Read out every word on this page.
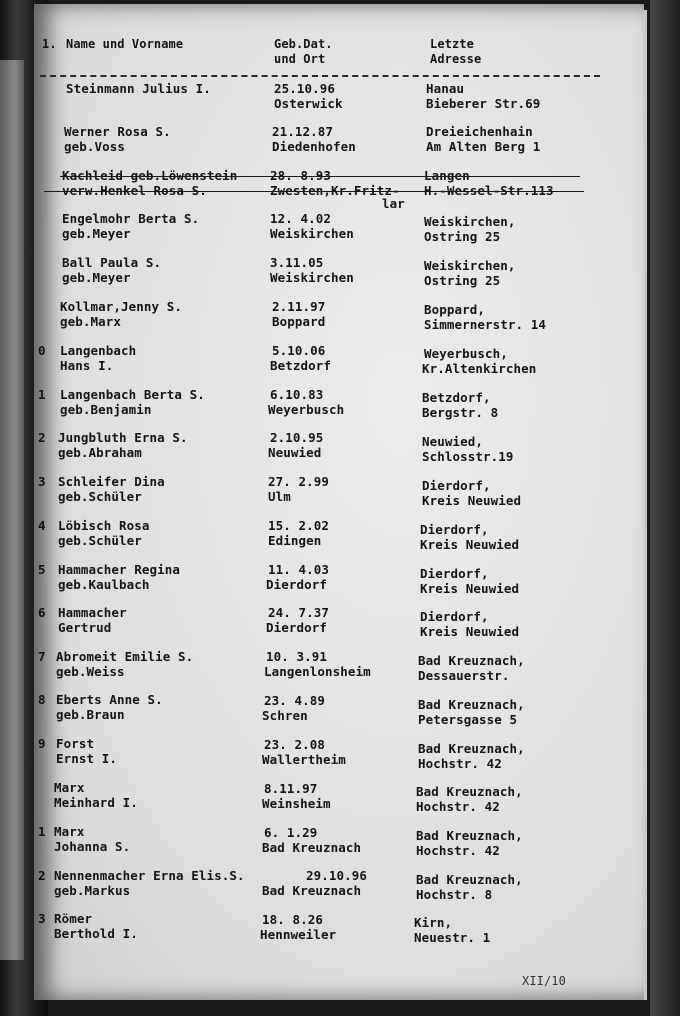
1. Name und Vorname	Geb.Dat.
und Ort
Letzte
Adresse
Steinmann Julius I.	25.10.96
Osterwick
Hanau
Bieberer Str.69
Werner Rosa S.
geb.Voss
21.12.87
Diedenhofen
Dreieichenhain
Am Alten Berg 1
Kachleid geb.Löwenstein
verw.Henkel Rosa S.
28. 8.93
Zwesten,Kr.Fritz-
lar
Langen
H.-Wessel-Str.113
Engelmohr Berta S.
geb.Meyer
12. 4.02
Weiskirchen
Weiskirchen,
Ostring 25
Ball Paula S.
geb.Meyer
3.11.05
Weiskirchen
Weiskirchen,
Ostring 25
Kollmar,Jenny S.
geb.Marx
2.11.97
Boppard
Boppard,
Simmernerstr. 14
0 Langenbach
Hans I.
5.10.06
Betzdorf
Weyerbusch,
Kr.Altenkirchen
1 Langenbach Berta S.
geb.Benjamin
6.10.83
Weyerbusch
Betzdorf,
Bergstr. 8
2 Jungbluth Erna S.
geb.Abraham
2.10.95
Neuwied
Neuwied,
Schlosstr.19
3 Schleifer Dina
geb.Schüler
27. 2.99
Ulm
Dierdorf,
Kreis Neuwied
4 Löbisch Rosa
geb.Schüler
15. 2.02
Edingen
Dierdorf,
Kreis Neuwied
5 Hammacher Regina
geb.Kaulbach
11. 4.03
Dierdorf
Dierdorf,
Kreis Neuwied
6 Hammacher
Gertrud
24. 7.37
Dierdorf
Dierdorf,
Kreis Neuwied
7 Abromeit Emilie S.
geb.Weiss
10. 3.91
Langenlonsheim
Bad Kreuznach,
Dessauerstr.
8 Eberts Anne S.
geb.Braun
23. 4.89
Schren
Bad Kreuznach,
Petersgasse 5
9 Forst
Ernst I.
23. 2.08
Wallertheim
Bad Kreuznach,
Hochstr. 42
Marx
Meinhard I.
8.11.97
Weinsheim
Bad Kreuznach,
Hochstr. 42
1 Marx
Johanna S.
6. 1.29
Bad Kreuznach
Bad Kreuznach,
Hochstr. 42
2 Nennenmacher Erna Elis.S.
geb.Markus
29.10.96
Bad Kreuznach
Bad Kreuznach,
Hochstr. 8
3 Römer
Berthold I.
18. 8.26
Hennweiler
Kirn,
Neuestr. 1
XII/10
